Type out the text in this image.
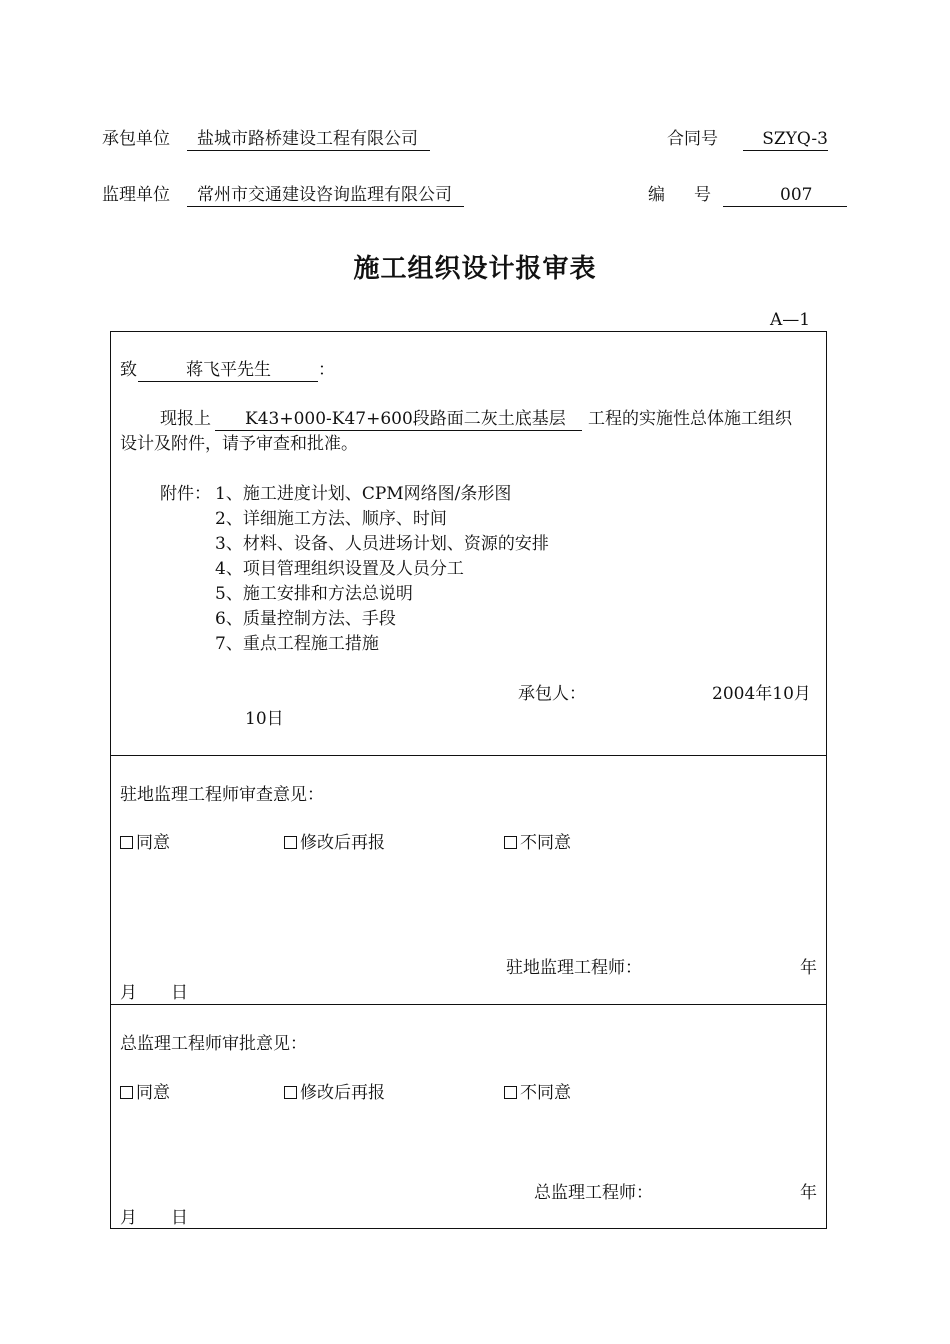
承包单位	盐城市路桥建设工程有限公司	合同号	SZYQ-3
监理单位	常州市交通建设咨询监理有限公司	编　号	007
施工组织设计报审表
A—1
致	蒋飞平先生	：
现报上	K43+000-K47+600段路面二灰土底基层	工程的实施性总体施工组织
设计及附件，请予审查和批准。
附件： 1、施工进度计划、CPM网络图/条形图
2、详细施工方法、顺序、时间
3、材料、设备、人员进场计划、资源的安排
4、项目管理组织设置及人员分工
5、施工安排和方法总说明
6、质量控制方法、手段
7、重点工程施工措施
承包人：	2004年10月
10日
驻地监理工程师审查意见：
同意	修改后再报	不同意
驻地监理工程师：	年
月　　日
总监理工程师审批意见：
同意	修改后再报	不同意
总监理工程师：	年
月　　日
